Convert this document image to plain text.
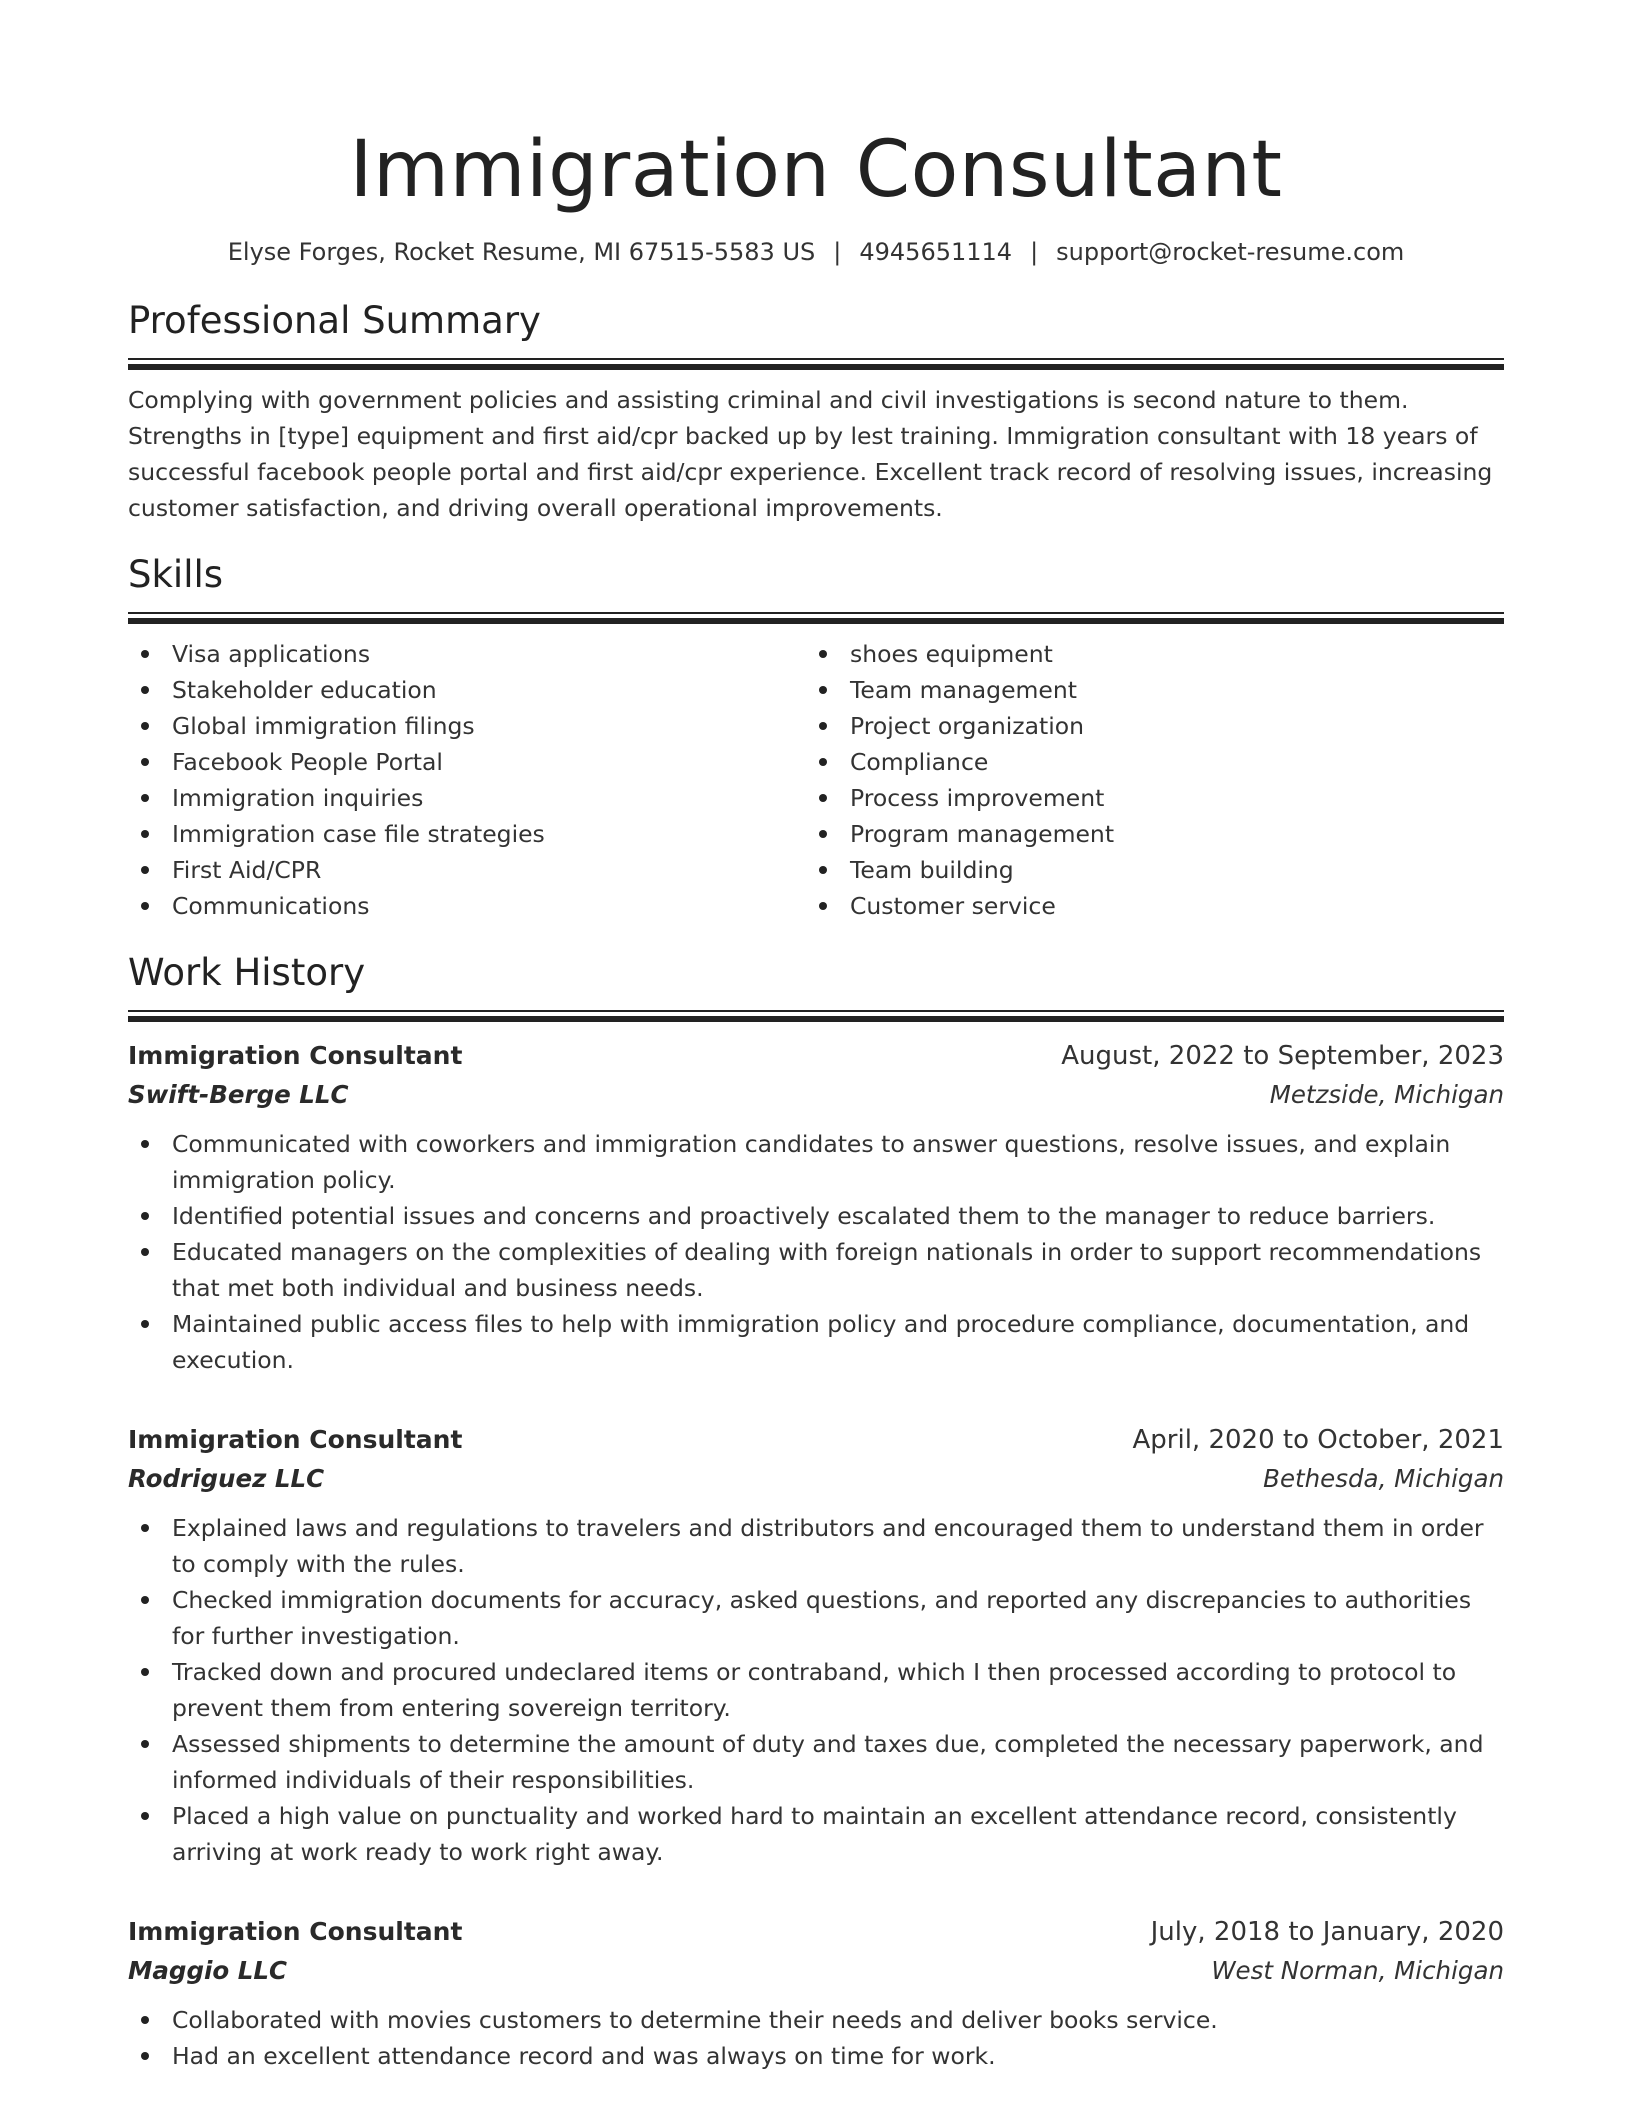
Immigration Consultant
Elyse Forges, Rocket Resume, MI 67515-5583 US | 4945651114 | support@rocket-resume.com
Professional Summary

Complying with government policies and assisting criminal and civil investigations is second nature to them. Strengths in [type] equipment and first aid/cpr backed up by lest training. Immigration consultant with 18 years of successful facebook people portal and first aid/cpr experience. Excellent track record of resolving issues, increasing customer satisfaction, and driving overall operational improvements.

Skills
Visa applications
Stakeholder education
Global immigration filings
Facebook People Portal
Immigration inquiries
Immigration case file strategies
First Aid/CPR
Communications
shoes equipment
Team management
Project organization
Compliance
Process improvement
Program management
Team building
Customer service
Work History
Immigration Consultant	August, 2022 to September, 2023
Swift-Berge LLC	Metzside, Michigan
Communicated with coworkers and immigration candidates to answer questions, resolve issues, and explain immigration policy.
Identified potential issues and concerns and proactively escalated them to the manager to reduce barriers.
Educated managers on the complexities of dealing with foreign nationals in order to support recommendations that met both individual and business needs.
Maintained public access files to help with immigration policy and procedure compliance, documentation, and execution.
Immigration Consultant	April, 2020 to October, 2021
Rodriguez LLC	Bethesda, Michigan
Explained laws and regulations to travelers and distributors and encouraged them to understand them in order to comply with the rules.
Checked immigration documents for accuracy, asked questions, and reported any discrepancies to authorities for further investigation.
Tracked down and procured undeclared items or contraband, which I then processed according to protocol to prevent them from entering sovereign territory.
Assessed shipments to determine the amount of duty and taxes due, completed the necessary paperwork, and informed individuals of their responsibilities.
Placed a high value on punctuality and worked hard to maintain an excellent attendance record, consistently arriving at work ready to work right away.
Immigration Consultant	July, 2018 to January, 2020
Maggio LLC	West Norman, Michigan
Collaborated with movies customers to determine their needs and deliver books service.
Had an excellent attendance record and was always on time for work.
